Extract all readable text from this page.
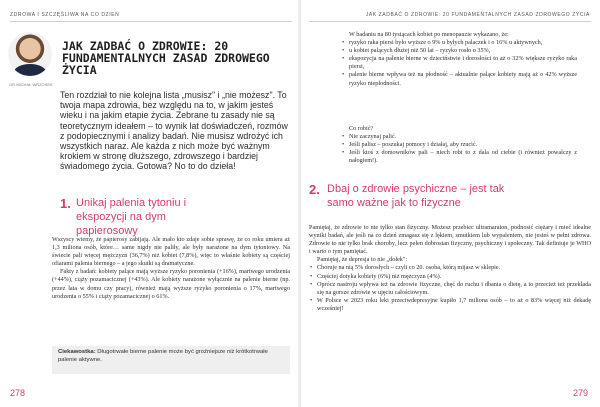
ZDROWA I SZCZĘŚLIWA NA CO DZIEŃ
DR MICHAŁ WRZOSEK
JAK ZADBAĆ O ZDROWIE: 20 FUNDAMENTALNYCH ZASAD ZDROWEGO ŻYCIA
Ten rozdział to nie kolejna lista „musisz" i „nie możesz". To twoja mapa zdrowia, bez względu na to, w jakim jesteś wieku i na jakim etapie życia. Zebrane tu zasady nie są teoretycznym ideałem – to wynik lat doświadczeń, rozmów z podopiecznymi i analizy badań. Nie musisz wdrożyć ich wszystkich naraz. Ale każda z nich może być ważnym krokiem w stronę dłuższego, zdrowszego i bardziej świadomego życia. Gotowa? No to do dzieła!
1. Unikaj palenia tytoniu i ekspozycji na dym papierosowy

Wszyscy wiemy, że papierosy zabijają. Ale mało kto zdaje sobie sprawę, że co roku umiera aż 1,3 miliona osób, które… same nigdy nie paliły, ale były narażone na dym tytoniowy. Na świecie pali więcej mężczyzn (36,7%) niż kobiet (7,8%), więc to właśnie kobiety są częściej ofiarami palenia biernego – a jego skutki są dramatyczne.

Fakty z badań: kobiety palące mają wyższe ryzyko poronienia (+16%), martwego urodzenia (+44%), ciąży pozamacicznej (+43%). Ale kobiety narażone wyłącznie na palenie bierne (np. przez lata w domu czy pracy), również mają wyższe ryzyko poronienia o 17%, martwego urodzenia o 55% i ciąży pozamacicznej o 61%.

Ciekawostka: Długotrwałe bierne palenie może być groźniejsze niż krótkotrwałe palenie aktywne.
278
JAK ZADBAĆ O ZDROWIE: 20 FUNDAMENTALNYCH ZASAD ZDROWEGO ŻYCIA

W badaniu na 80 tysiącach kobiet po menopauzie wykazano, że:

• ryzyko raka piersi było wyższe o 9% u byłych palaczek i o 16% u aktywnych,
• u kobiet palących dłużej niż 50 lat – ryzyko rosło o 35%,
• ekspozycja na palenie bierne w dzieciństwie i dorosłości to aż o 32% większe ryzyko raka piersi,
• palenie bierne wpływa też na płodność – aktualnie palące kobiety mają aż o 42% wyższe ryzyko niepłodności.

Co robić?

• Nie zaczynaj palić.
• Jeśli palisz – poszukaj pomocy i działaj, aby rzucić.
• Jeśli ktoś z domowników pali – niech robi to z dala od ciebie (i również powalczy z nałogiem!).
2. Dbaj o zdrowie psychiczne – jest tak samo ważne jak to fizyczne

Pamiętaj, że zdrowie to nie tylko stan fizyczny. Możesz przebiec ultramaraton, podnosić ciężary i mieć idealne wyniki badań, ale jeśli na co dzień zmagasz się z lękiem, smutkiem lub wypaleniem, nie jesteś w pełni zdrowa. Zdrowie to nie tylko brak choroby, lecz pełen dobrostan fizyczny, psychiczny i społeczny. Tak definiuje je WHO i warto o tym pamiętać.

Pamiętaj, że depresja to nie „dołek":

• Choruje na nią 5% dorosłych – czyli co 20. osoba, którą mijasz w sklepie.
• Częściej dotyka kobiety (6%) niż mężczyzn (4%).
• Oprócz nastroju wpływa też na zdrowie fizyczne, chęć do ruchu i dbania o dietę, a to przecież też przekłada się na gorsze zdrowie w ujęciu całościowym.
• W Polsce w 2023 roku leki przeciwdepresyjne kupiło 1,7 miliona osób – to aż o 83% więcej niż dekadę wcześniej!
279
